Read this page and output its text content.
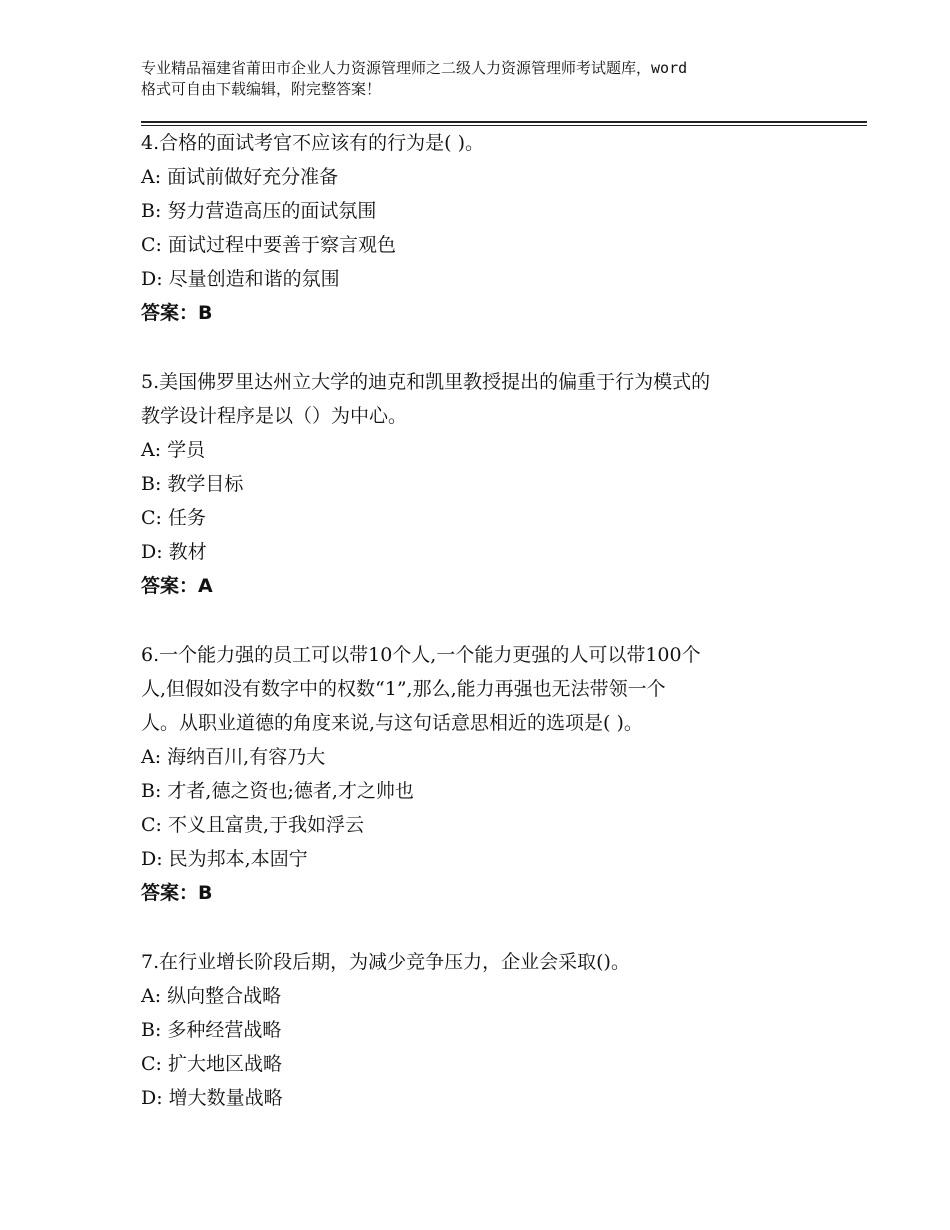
专业精品福建省莆田市企业人力资源管理师之二级人力资源管理师考试题库，word
格式可自由下载编辑，附完整答案！
4.合格的面试考官不应该有的行为是( )。
A: 面试前做好充分准备
B: 努力营造高压的面试氛围
C: 面试过程中要善于察言观色
D: 尽量创造和谐的氛围
答案：B
5.美国佛罗里达州立大学的迪克和凯里教授提出的偏重于行为模式的
教学设计程序是以（）为中心。
A: 学员
B: 教学目标
C: 任务
D: 教材
答案：A
6.一个能力强的员工可以带10个人,一个能力更强的人可以带100个
人,但假如没有数字中的权数“1”,那么,能力再强也无法带领一个
人。从职业道德的角度来说,与这句话意思相近的选项是( )。
A: 海纳百川,有容乃大
B: 才者,德之资也;德者,才之帅也
C: 不义且富贵,于我如浮云
D: 民为邦本,本固宁
答案：B
7.在行业增长阶段后期，为减少竞争压力，企业会采取()。
A: 纵向整合战略
B: 多种经营战略
C: 扩大地区战略
D: 增大数量战略
